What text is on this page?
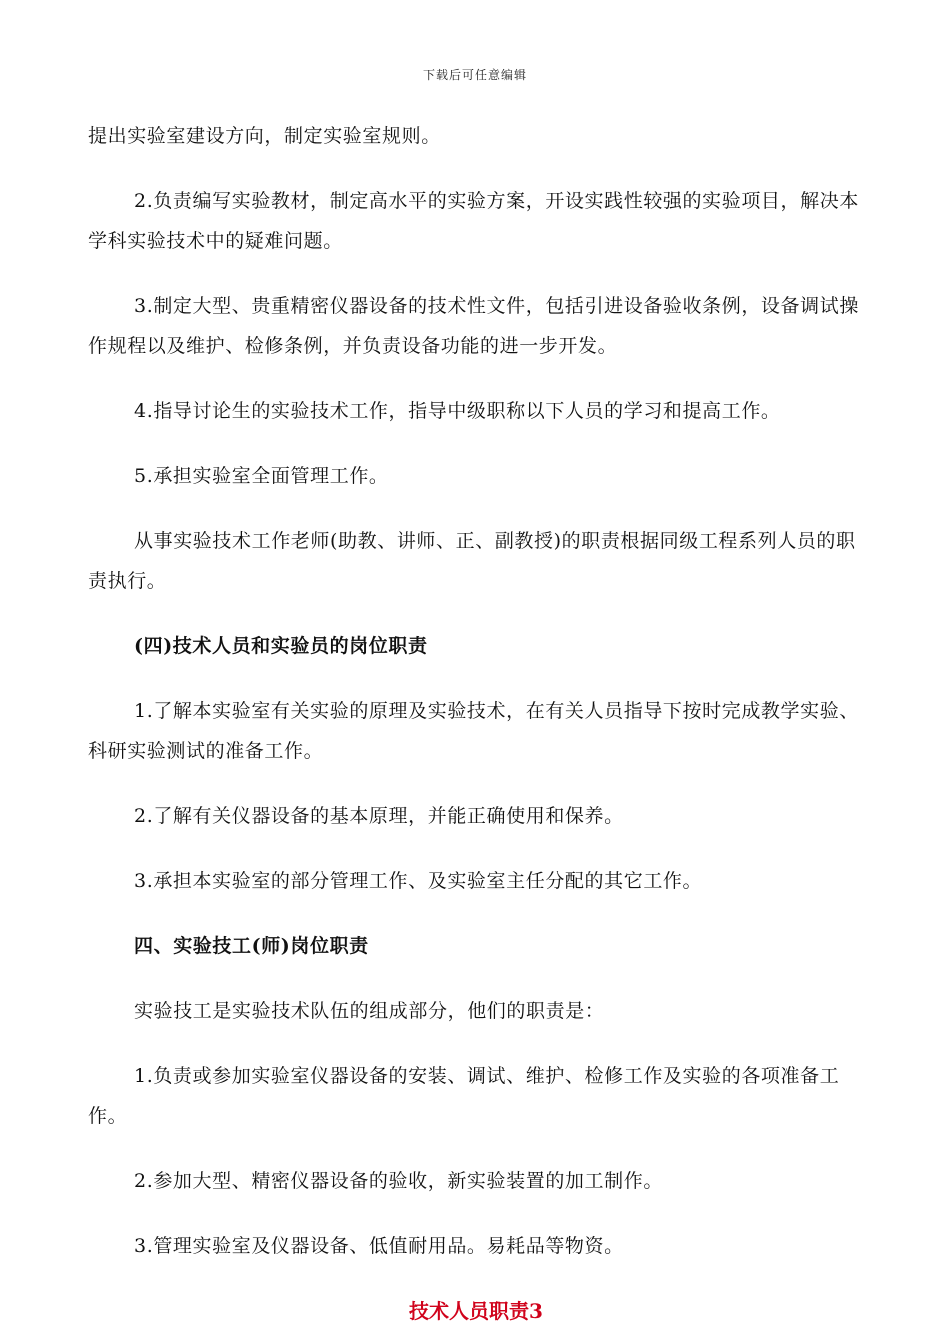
下载后可任意编辑

提出实验室建设方向，制定实验室规则。

2.负责编写实验教材，制定高水平的实验方案，开设实践性较强的实验项目，解决本学科实验技术中的疑难问题。

3.制定大型、贵重精密仪器设备的技术性文件，包括引进设备验收条例，设备调试操作规程以及维护、检修条例，并负责设备功能的进一步开发。

4.指导讨论生的实验技术工作，指导中级职称以下人员的学习和提高工作。

5.承担实验室全面管理工作。

从事实验技术工作老师(助教、讲师、正、副教授)的职责根据同级工程系列人员的职责执行。

(四)技术人员和实验员的岗位职责

1.了解本实验室有关实验的原理及实验技术，在有关人员指导下按时完成教学实验、科研实验测试的准备工作。

2.了解有关仪器设备的基本原理，并能正确使用和保养。

3.承担本实验室的部分管理工作、及实验室主任分配的其它工作。

四、实验技工(师)岗位职责

实验技工是实验技术队伍的组成部分，他们的职责是：

1.负责或参加实验室仪器设备的安装、调试、维护、检修工作及实验的各项准备工作。

2.参加大型、精密仪器设备的验收，新实验装置的加工制作。

3.管理实验室及仪器设备、低值耐用品。易耗品等物资。

技术人员职责3
